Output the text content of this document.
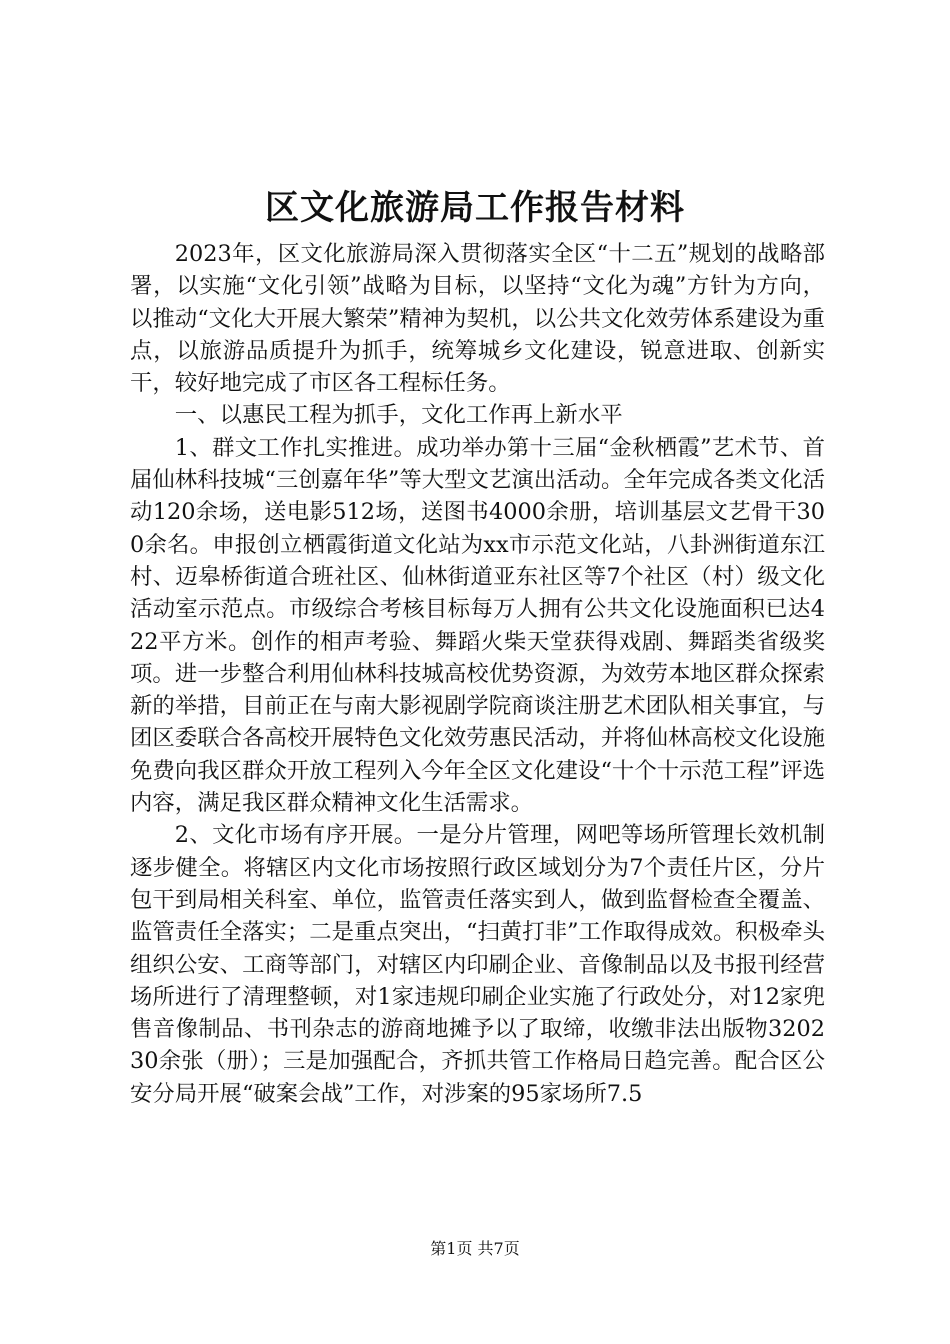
区文化旅游局工作报告材料

2023年，区文化旅游局深入贯彻落实全区“十二五”规划的战略部署，以实施“文化引领”战略为目标，以坚持“文化为魂”方针为方向，以推动“文化大开展大繁荣”精神为契机，以公共文化效劳体系建设为重点，以旅游品质提升为抓手，统筹城乡文化建设，锐意进取、创新实干，较好地完成了市区各工程标任务。

一、以惠民工程为抓手，文化工作再上新水平

1、群文工作扎实推进。成功举办第十三届“金秋栖霞”艺术节、首届仙林科技城“三创嘉年华”等大型文艺演出活动。全年完成各类文化活动120余场，送电影512场，送图书4000余册，培训基层文艺骨干300余名。申报创立栖霞街道文化站为xx市示范文化站，八卦洲街道东江村、迈皋桥街道合班社区、仙林街道亚东社区等7个社区（村）级文化活动室示范点。市级综合考核目标每万人拥有公共文化设施面积已达422平方米。创作的相声考验、舞蹈火柴天堂获得戏剧、舞蹈类省级奖项。进一步整合利用仙林科技城高校优势资源，为效劳本地区群众探索新的举措，目前正在与南大影视剧学院商谈注册艺术团队相关事宜，与团区委联合各高校开展特色文化效劳惠民活动，并将仙林高校文化设施免费向我区群众开放工程列入今年全区文化建设“十个十示范工程”评选内容，满足我区群众精神文化生活需求。

2、文化市场有序开展。一是分片管理，网吧等场所管理长效机制逐步健全。将辖区内文化市场按照行政区域划分为7个责任片区，分片包干到局相关科室、单位，监管责任落实到人，做到监督检查全覆盖、监管责任全落实；二是重点突出，“扫黄打非”工作取得成效。积极牵头组织公安、工商等部门，对辖区内印刷企业、音像制品以及书报刊经营场所进行了清理整顿，对1家违规印刷企业实施了行政处分，对12家兜售音像制品、书刊杂志的游商地摊予以了取缔，收缴非法出版物320230余张（册）；三是加强配合，齐抓共管工作格局日趋完善。配合区公安分局开展“破案会战”工作，对涉案的95家场所7.5

第1页 共7页
